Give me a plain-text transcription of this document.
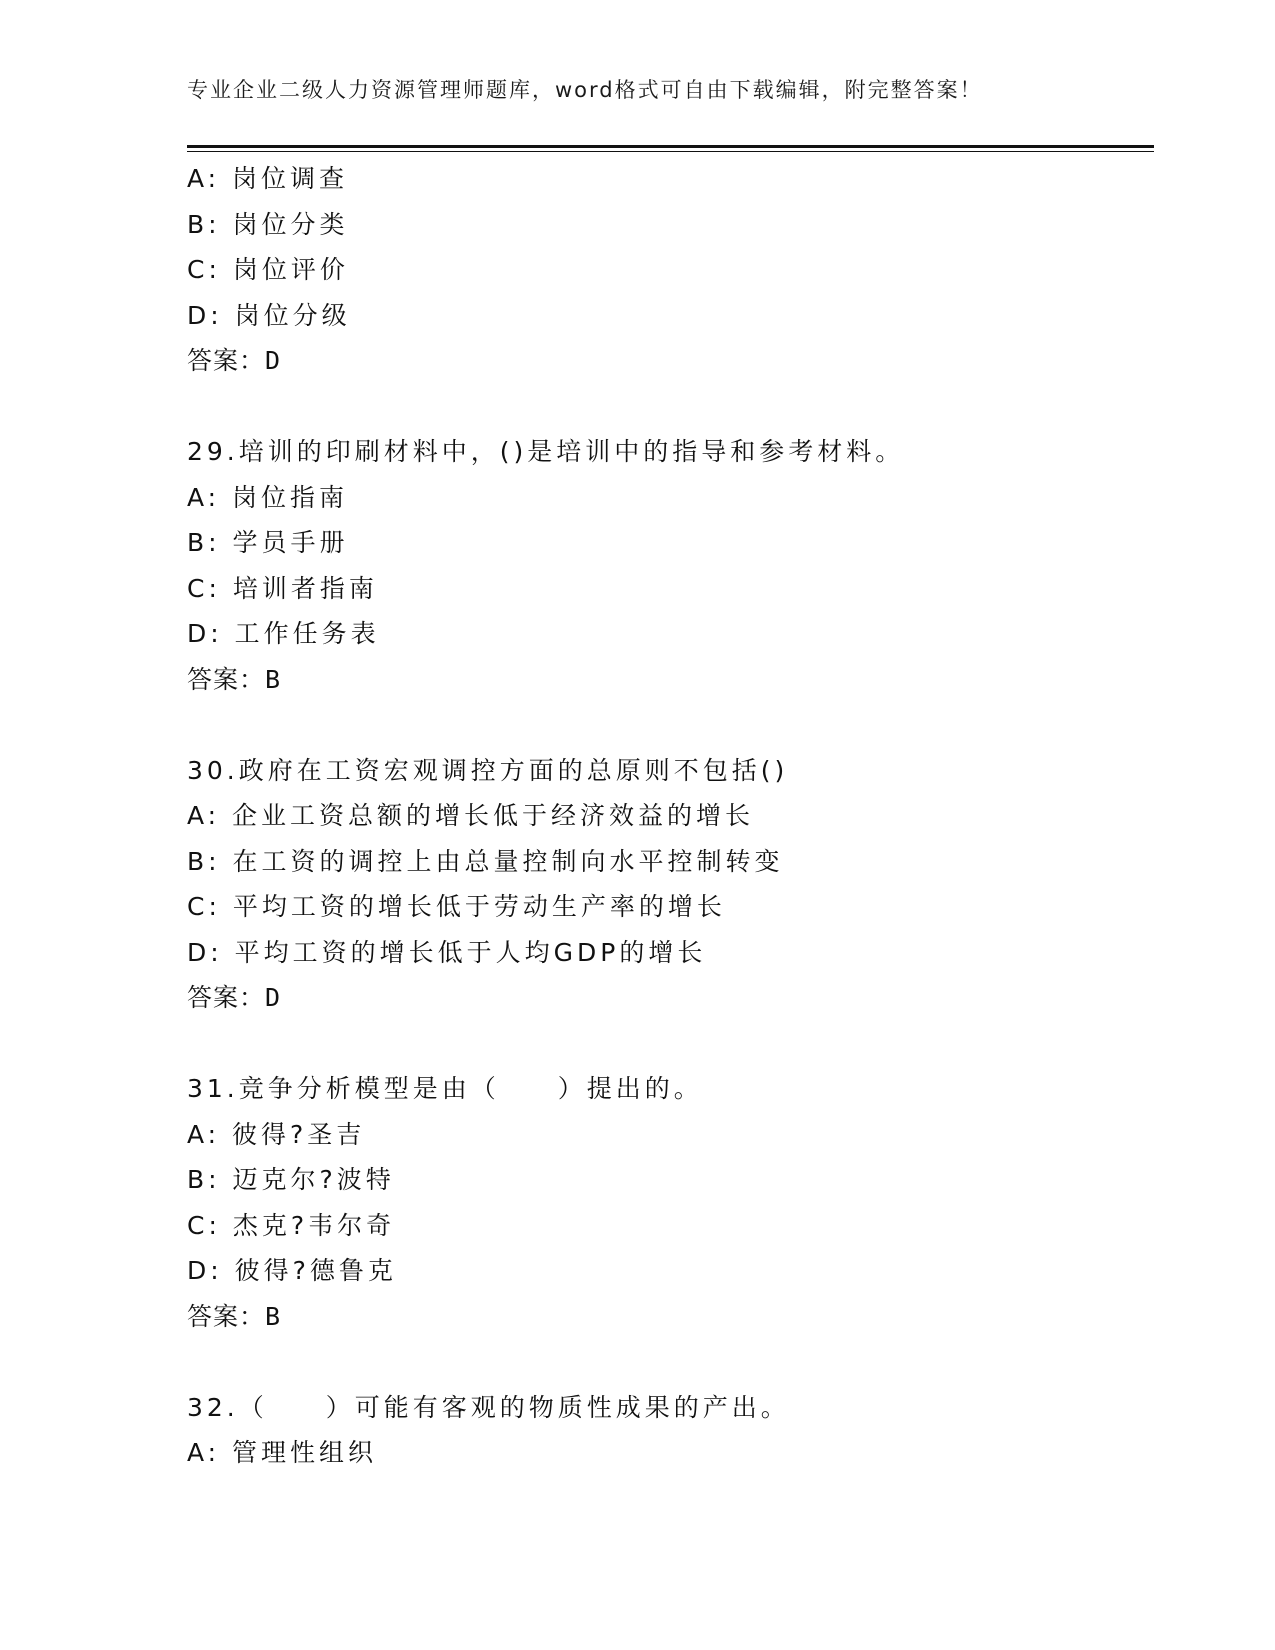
专业企业二级人力资源管理师题库，word格式可自由下载编辑，附完整答案！
A: 岗位调查
B: 岗位分类
C: 岗位评价
D: 岗位分级
答案：D
29.培训的印刷材料中，()是培训中的指导和参考材料。
A: 岗位指南
B: 学员手册
C: 培训者指南
D: 工作任务表
答案：B
30.政府在工资宏观调控方面的总原则不包括()
A: 企业工资总额的增长低于经济效益的增长
B: 在工资的调控上由总量控制向水平控制转变
C: 平均工资的增长低于劳动生产率的增长
D: 平均工资的增长低于人均GDP的增长
答案：D
31.竞争分析模型是由（　　）提出的。
A: 彼得?圣吉
B: 迈克尔?波特
C: 杰克?韦尔奇
D: 彼得?德鲁克
答案：B
32.（　　）可能有客观的物质性成果的产出。
A: 管理性组织
